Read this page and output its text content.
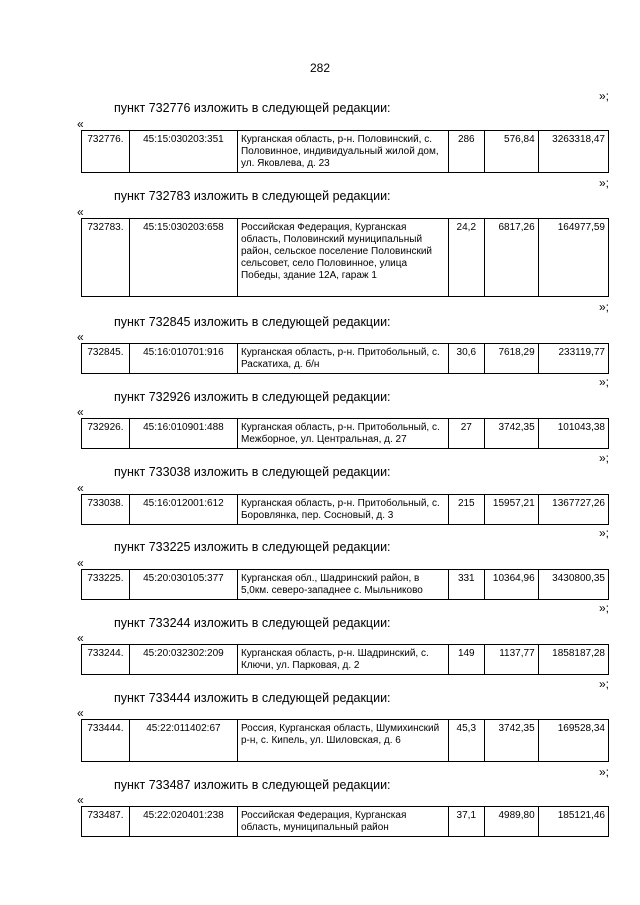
282
»;
пункт 732776 изложить в следующей редакции:
«
732776.	45:15:030203:351	Курганская область, р-н. Половинский, с. Половинное, индивидуальный жилой дом, ул. Яковлева, д. 23	286	576,84	3263318,47
»;
пункт 732783 изложить в следующей редакции:
«
732783.	45:15:030203:658	Российская Федерация, Курганская область, Половинский муниципальный район, сельское поселение Половинский сельсовет, село Половинное, улица Победы, здание 12А, гараж 1	24,2	6817,26	164977,59
»;
пункт 732845 изложить в следующей редакции:
«
732845.	45:16:010701:916	Курганская область, р-н. Притобольный, с. Раскатиха, д. б/н	30,6	7618,29	233119,77
»;
пункт 732926 изложить в следующей редакции:
«
732926.	45:16:010901:488	Курганская область, р-н. Притобольный, с. Межборное, ул. Центральная, д. 27	27	3742,35	101043,38
»;
пункт 733038 изложить в следующей редакции:
«
733038.	45:16:012001:612	Курганская область, р-н. Притобольный, с. Боровлянка, пер. Сосновый, д. 3	215	15957,21	1367727,26
»;
пункт 733225 изложить в следующей редакции:
«
733225.	45:20:030105:377	Курганская обл., Шадринский район, в 5,0км. северо-западнее с. Мыльниково	331	10364,96	3430800,35
»;
пункт 733244 изложить в следующей редакции:
«
733244.	45:20:032302:209	Курганская область, р-н. Шадринский, с. Ключи, ул. Парковая, д. 2	149	1137,77	1858187,28
»;
пункт 733444 изложить в следующей редакции:
«
733444.	45:22:011402:67	Россия, Курганская область, Шумихинский р-н, с. Кипель, ул. Шиловская, д. 6	45,3	3742,35	169528,34
»;
пункт 733487 изложить в следующей редакции:
«
733487.	45:22:020401:238	Российская Федерация, Курганская область, муниципальный район	37,1	4989,80	185121,46
